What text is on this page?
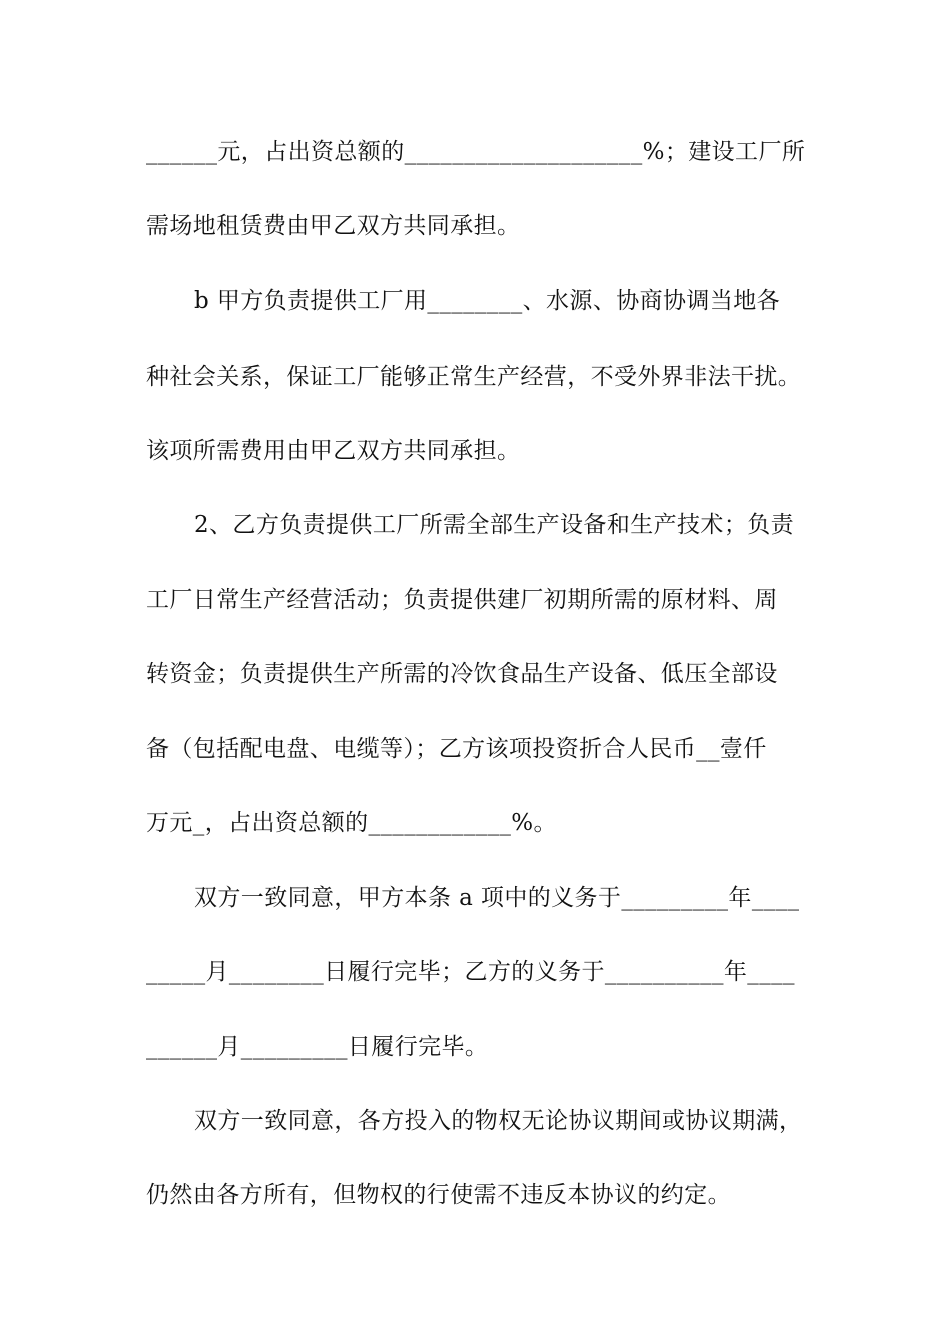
______元，占出资总额的____________________%；建设工厂所
需场地租赁费由甲乙双方共同承担。
b 甲方负责提供工厂用________、水源、协商协调当地各
种社会关系，保证工厂能够正常生产经营，不受外界非法干扰。
该项所需费用由甲乙双方共同承担。
2、乙方负责提供工厂所需全部生产设备和生产技术；负责
工厂日常生产经营活动；负责提供建厂初期所需的原材料、周
转资金；负责提供生产所需的冷饮食品生产设备、低压全部设
备（包括配电盘、电缆等）；乙方该项投资折合人民币__壹仟
万元_，占出资总额的____________%。
双方一致同意，甲方本条 a 项中的义务于_________年____
_____月________日履行完毕；乙方的义务于__________年____
______月_________日履行完毕。
双方一致同意，各方投入的物权无论协议期间或协议期满，
仍然由各方所有，但物权的行使需不违反本协议的约定。
